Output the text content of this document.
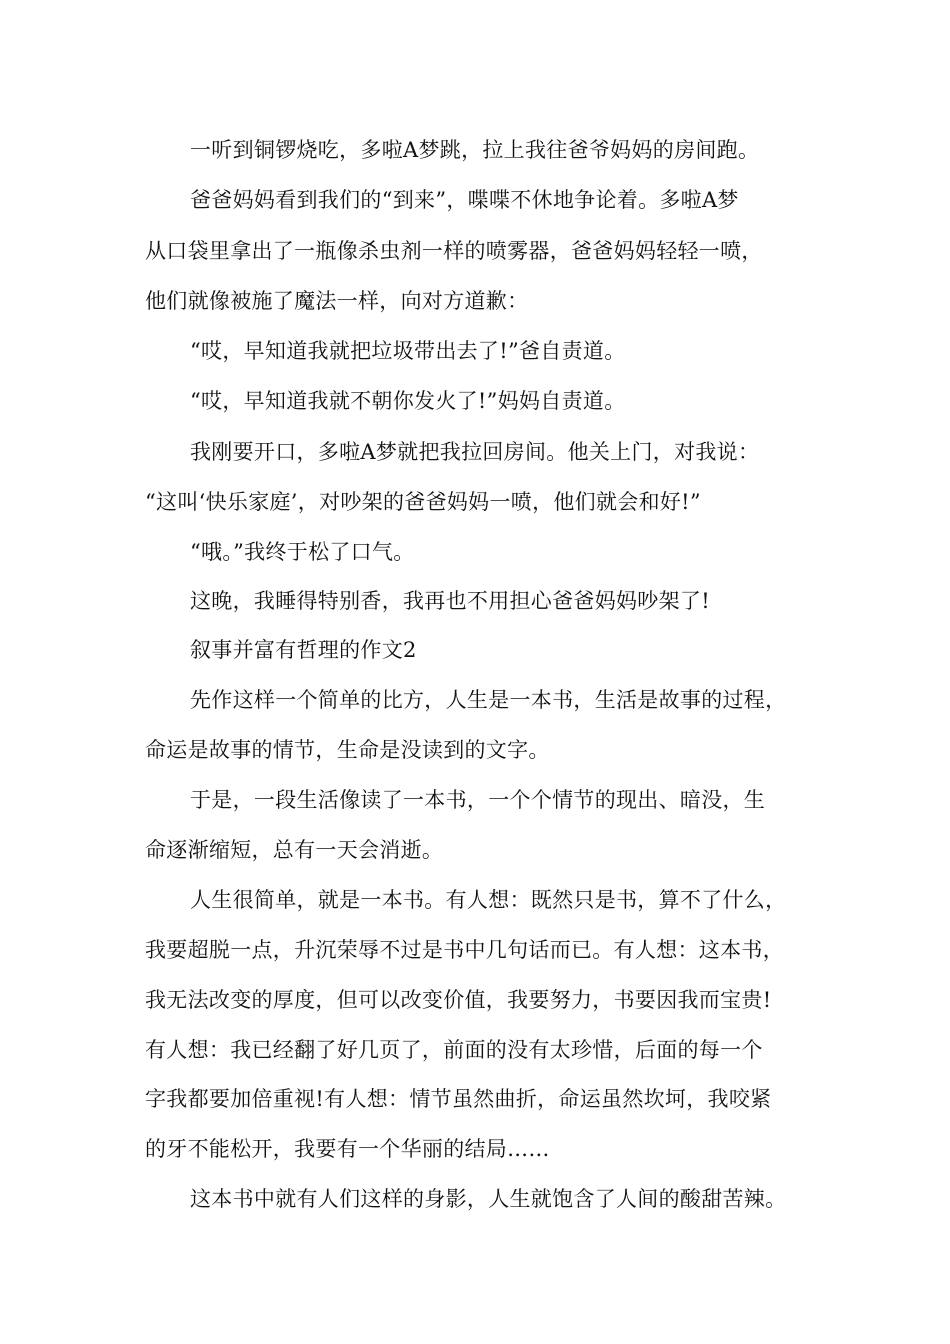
一听到铜锣烧吃，多啦A梦跳，拉上我往爸爷妈妈的房间跑。
爸爸妈妈看到我们的“到来”，喋喋不休地争论着。多啦A梦
从口袋里拿出了一瓶像杀虫剂一样的喷雾器，爸爸妈妈轻轻一喷，
他们就像被施了魔法一样，向对方道歉：
“哎，早知道我就把垃圾带出去了!”爸自责道。
“哎，早知道我就不朝你发火了!”妈妈自责道。
我刚要开口，多啦A梦就把我拉回房间。他关上门，对我说：
“这叫‘快乐家庭’，对吵架的爸爸妈妈一喷，他们就会和好!”
“哦。”我终于松了口气。
这晚，我睡得特别香，我再也不用担心爸爸妈妈吵架了!
叙事并富有哲理的作文2
先作这样一个简单的比方，人生是一本书，生活是故事的过程，
命运是故事的情节，生命是没读到的文字。
于是，一段生活像读了一本书，一个个情节的现出、暗没，生
命逐渐缩短，总有一天会消逝。
人生很简单，就是一本书。有人想：既然只是书，算不了什么，
我要超脱一点，升沉荣辱不过是书中几句话而已。有人想：这本书，
我无法改变的厚度，但可以改变价值，我要努力，书要因我而宝贵!
有人想：我已经翻了好几页了，前面的没有太珍惜，后面的每一个
字我都要加倍重视!有人想：情节虽然曲折，命运虽然坎坷，我咬紧
的牙不能松开，我要有一个华丽的结局……
这本书中就有人们这样的身影，人生就饱含了人间的酸甜苦辣。
